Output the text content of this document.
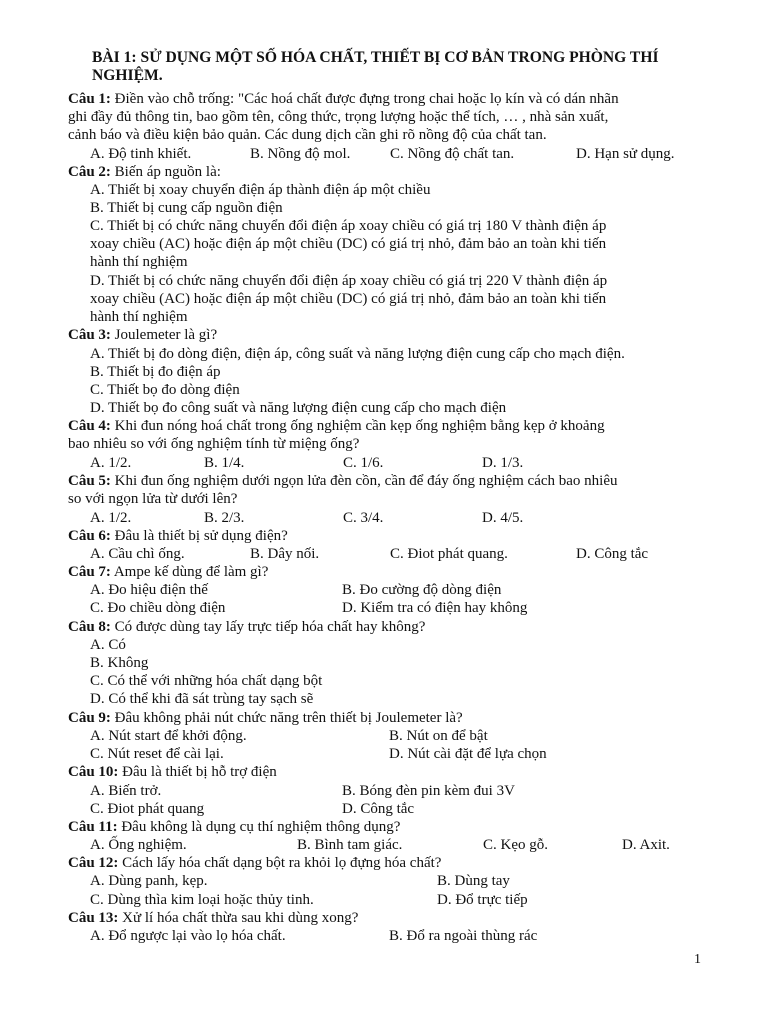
BÀI 1: SỬ DỤNG MỘT SỐ HÓA CHẤT, THIẾT BỊ CƠ BẢN TRONG PHÒNG THÍ NGHIỆM.
Câu 1: Điền vào chỗ trống: "Các hoá chất được đựng trong chai hoặc lọ kín và có dán nhãn
ghi đầy đủ thông tin, bao gồm tên, công thức, trọng lượng hoặc thể tích, … , nhà sản xuất,
cảnh báo và điều kiện bảo quản. Các dung dịch cần ghi rõ nồng độ của chất tan.
A. Độ tinh khiết.	B. Nồng độ mol.	C. Nồng độ chất tan.	D. Hạn sử dụng.
Câu 2: Biến áp nguồn là:
A. Thiết bị xoay chuyển điện áp thành điện áp một chiều
B. Thiết bị cung cấp nguồn điện
C. Thiết bị có chức năng chuyển đổi điện áp xoay chiều có giá trị 180 V thành điện áp
xoay chiều (AC) hoặc điện áp một chiều (DC) có giá trị nhỏ, đảm bảo an toàn khi tiến
hành thí nghiệm
D. Thiết bị có chức năng chuyển đổi điện áp xoay chiều có giá trị 220 V thành điện áp
xoay chiều (AC) hoặc điện áp một chiều (DC) có giá trị nhỏ, đảm bảo an toàn khi tiến
hành thí nghiệm
Câu 3: Joulemeter là gì?
A. Thiết bị đo dòng điện, điện áp, công suất và năng lượng điện cung cấp cho mạch điện.
B. Thiết bị đo điện áp
C. Thiết bọ đo dòng điện
D. Thiết bọ đo công suất và năng lượng điện cung cấp cho mạch điện
Câu 4: Khi đun nóng hoá chất trong ống nghiệm cần kẹp ống nghiệm bằng kẹp ở khoảng
bao nhiêu so với ống nghiệm tính từ miệng ống?
A. 1/2.	B. 1/4.	C. 1/6.	D. 1/3.
Câu 5: Khi đun ống nghiệm dưới ngọn lửa đèn cồn, cần để đáy ống nghiệm cách bao nhiêu
so với ngọn lửa từ dưới lên?
A. 1/2.	B. 2/3.	C. 3/4.	D. 4/5.
Câu 6: Đâu là thiết bị sử dụng điện?
A. Cầu chì ống.	B. Dây nối.	C. Điot phát quang.	D. Công tắc
Câu 7: Ampe kế dùng để làm gì?
A. Đo hiệu điện thế	B. Đo cường độ dòng điện
C. Đo chiều dòng điện	D. Kiểm tra có điện hay không
Câu 8: Có được dùng tay lấy trực tiếp hóa chất hay không?
A. Có
B. Không
C. Có thể với những hóa chất dạng bột
D. Có thể khi đã sát trùng tay sạch sẽ
Câu 9: Đâu không phải nút chức năng trên thiết bị Joulemeter là?
A. Nút start để khởi động.	B. Nút on để bật
C. Nút reset để cài lại.	D. Nút cài đặt để lựa chọn
Câu 10: Đâu là thiết bị hỗ trợ điện
A. Biến trở.	B. Bóng đèn pin kèm đui 3V
C. Điot phát quang	D. Công tắc
Câu 11: Đâu không là dụng cụ thí nghiệm thông dụng?
A. Ống nghiệm.	B. Bình tam giác.	C. Kẹo gỗ.	D. Axit.
Câu 12: Cách lấy hóa chất dạng bột ra khỏi lọ đựng hóa chất?
A. Dùng panh, kẹp.	B. Dùng tay
C. Dùng thìa kim loại hoặc thủy tinh.	D. Đổ trực tiếp
Câu 13: Xử lí hóa chất thừa sau khi dùng xong?
A. Đổ ngược lại vào lọ hóa chất.	B. Đổ ra ngoài thùng rác
1
